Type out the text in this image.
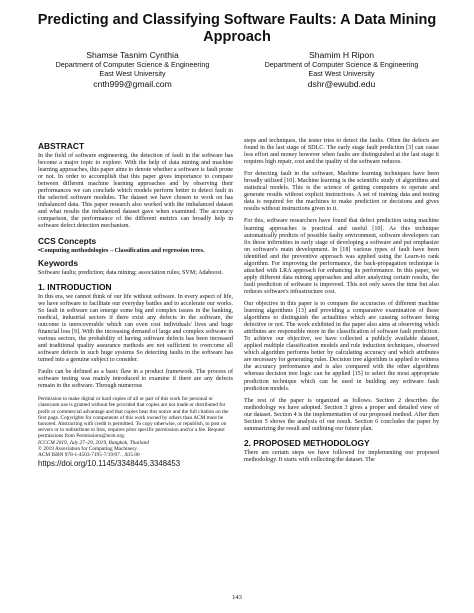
Predicting and Classifying Software Faults: A Data Mining Approach
Shamse Tasnim Cynthia
Department of Computer Science & Engineering
East West University
cnth999@gmail.com
Shamim H Ripon
Department of Computer Science & Engineering
East West University
dshr@ewubd.edu
ABSTRACT

In the field of software engineering, the detection of fault in the software has become a major topic to explore. With the help of data mining and machine learning approaches, this paper aims to denote whether a software is fault prone or not. In order to accomplish that this paper gives importance to compare between different machine learning approaches and by observing their performances we can conclude which models perform better to detect fault in the selected software modules. The dataset we have chosen to work on has imbalanced data. This paper research also worked with the imbalanced dataset and what results the imbalanced dataset gave when examined. The accuracy comparison, the performance of the different metrics can broadly help in software defect detection mechanism.

CCS Concepts
•Computing methodologies→Classification and regression trees.
Keywords

Software faults; prediction; data mining; association rules; SVM; Adaboost.

1. INTRODUCTION

In this era, we cannot think of our life without software. In every aspect of life, we have software to facilitate our everyday battles and to accelerate our works. So fault in software can emerge some big and complex issues in the banking, medical, industrial sectors if there exist any defects in the software, the outcome is unrecoverable which can even cost individuals' lives and huge financial loss [9]. With the increasing demand of large and complex software in various sectors, the probability of having software defects has been increased and traditional quality assurance methods are not sufficient to overcome all software defects in such huge systems So detecting faults in the software has turned into a genuine subject to consider.

Faults can be defined as a basic flaw in a product framework. The process of software testing was mainly introduced to examine if there are any defects remain in the software. Through numerous

Permission to make digital or hard copies of all or part of this work for personal or classroom use is granted without fee provided that copies are not made or distributed for profit or commercial advantage and that copies bear this notice and the full citation on the first page. Copyrights for components of this work owned by others than ACM must be honored. Abstracting with credit is permitted. To copy otherwise, or republish, to post on servers or to redistribute to lists, requires prior specific permission and/or a fee. Request permissions from Permissions@acm.org.
ICCCM 2019, July 27–29, 2019, Bangkok, Thailand
© 2019 Association for Computing Machinery.
ACM ISBN 978-1-4503-7195-7/19/07…$15.00
https://doi.org/10.1145/3348445.3348453

steps and techniques, the tester tries to detect the faults. Often the defects are found in the last stage of SDLC. The early stage fault prediction [3] can cause less effort and money however when faults are distinguished at the last stage it requires high repair, cost and the quality of the software reduces.

For detecting fault in the software, Machine learning techniques have been broadly utilized [10]. Machine learning is the scientific study of algorithms and statistical models. This is the science of getting computers to operate and generate results without explicit instructions. A set of training data and testing data is required for the machines to make prediction or decisions and gives results without instructions given to it.

For this, software researchers have found that defect prediction using machine learning approaches is practical and useful [10]. As this technique automatically predicts of possible faulty environment, software developers can fix those infirmities in early stage of developing a software and put emphasize on software's main development. In [18] various types of fault have been identified and the preventive approach was applied using the Learn-to rank algorithm. For improving the performance, the back-propagation technique is attached with LRA approach for enhancing its performance. In this paper, we apply different data mining approaches and after analyzing certain results, the fault prediction of software is improved. This not only saves the time but also reduces software's infrastructure cost.

Our objective in this paper is to compare the accuracies of different machine learning algorithms [13] and providing a comparative examination of these algorithms to distinguish the actualities which are causing software being defective or not. The work exhibited in the paper also aims at observing which attributes are responsible more in the classification of software fault prediction. To achieve our objective, we have collected a publicly available dataset, applied multiple classification models and rule induction techniques, observed which algorithm performs better by calculating accuracy and which attributes are necessary for generating rules. Decision tree algorithm is applied to witness the accuracy performance and is also compared with the other algorithms whereas decision tree logic can be applied [15] to select the most appropriate prediction technique which can be used in building any software fault prediction models.

The rest of the paper is organized as follows. Section 2 describes the methodology we have adopted. Section 3 gives a proper and detailed view of our dataset. Section 4 is the implementation of our proposed method. After then Section 5 shows the analysis of our result. Section 6 concludes the paper by summarizing the result and outlining our future plan.

2. PROPOSED METHODOLOGY

There are certain steps we have followed for implementing our proposed methodology. It starts with collecting the dataset. The

143
